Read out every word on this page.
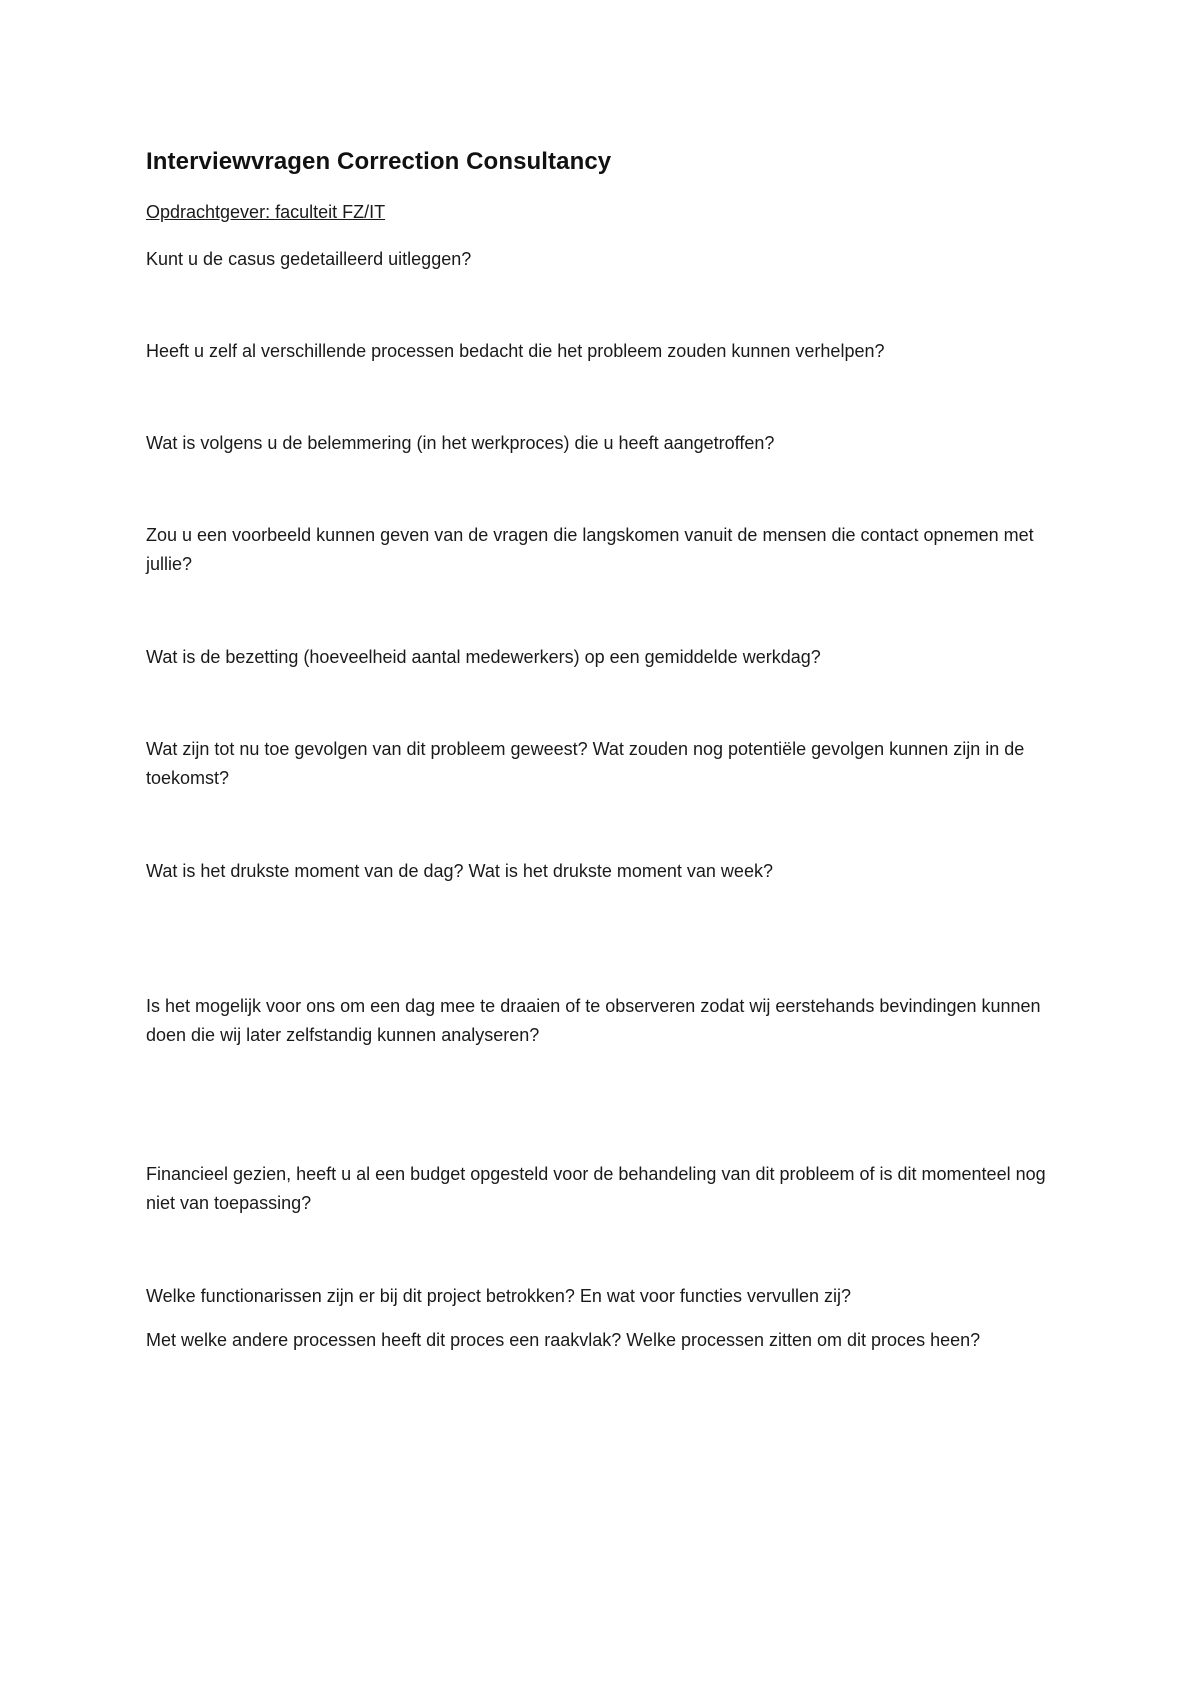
Interviewvragen Correction Consultancy

Opdrachtgever: faculteit FZ/IT

Kunt u de casus gedetailleerd uitleggen?

Heeft u zelf al verschillende processen bedacht die het probleem zouden kunnen verhelpen?

Wat is volgens u de belemmering (in het werkproces) die u heeft aangetroffen?

Zou u een voorbeeld kunnen geven van de vragen die langskomen vanuit de mensen die contact opnemen met jullie?

Wat is de bezetting (hoeveelheid aantal medewerkers) op een gemiddelde werkdag?

Wat zijn tot nu toe gevolgen van dit probleem geweest? Wat zouden nog potentiële gevolgen kunnen zijn in de toekomst?

Wat is het drukste moment van de dag? Wat is het drukste moment van week?

Is het mogelijk voor ons om een dag mee te draaien of te observeren zodat wij eerstehands bevindingen kunnen doen die wij later zelfstandig kunnen analyseren?

Financieel gezien, heeft u al een budget opgesteld voor de behandeling van dit probleem of is dit momenteel nog niet van toepassing?

Welke functionarissen zijn er bij dit project betrokken? En wat voor functies vervullen zij?

Met welke andere processen heeft dit proces een raakvlak? Welke processen zitten om dit proces heen?
